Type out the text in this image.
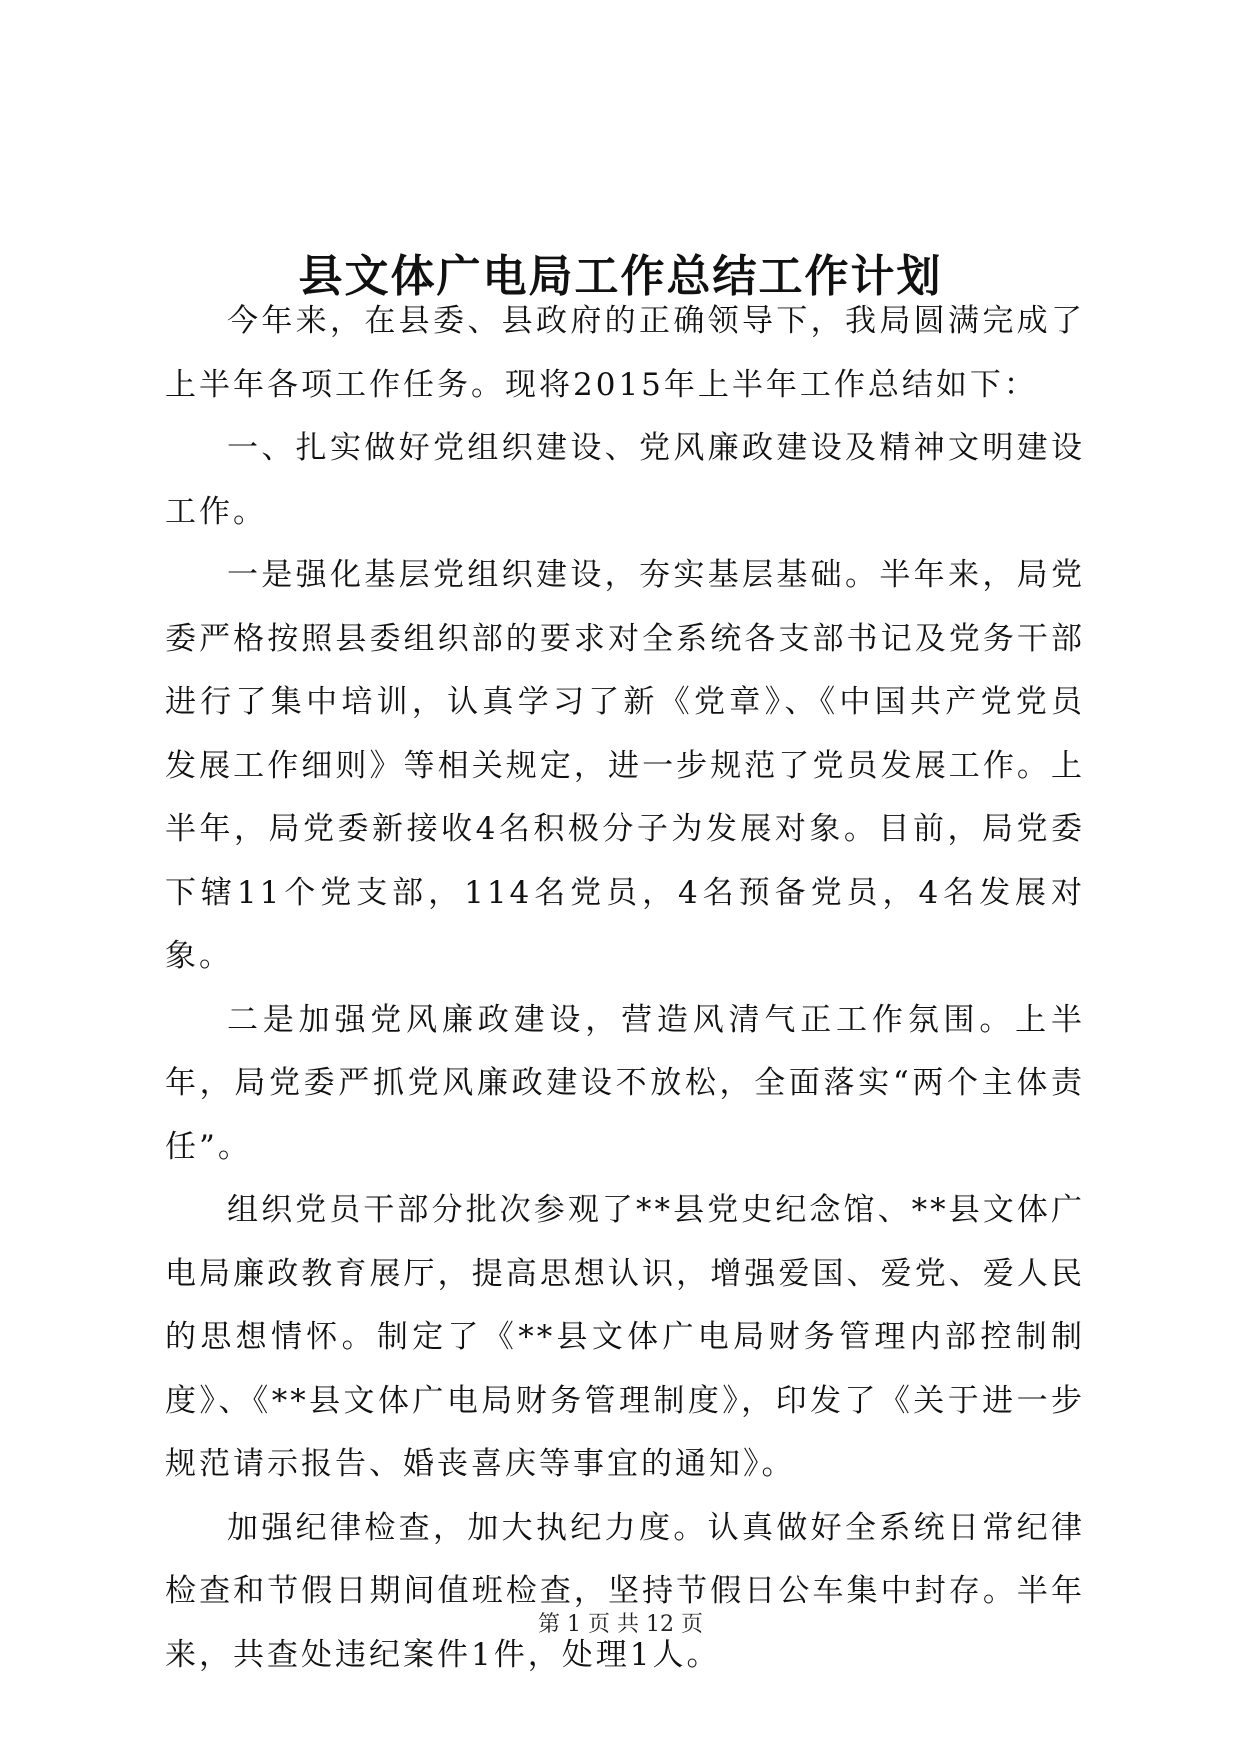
县文体广电局工作总结工作计划

今年来，在县委、县政府的正确领导下，我局圆满完成了上半年各项工作任务。现将2015年上半年工作总结如下：

一、扎实做好党组织建设、党风廉政建设及精神文明建设工作。

一是强化基层党组织建设，夯实基层基础。半年来，局党委严格按照县委组织部的要求对全系统各支部书记及党务干部进行了集中培训，认真学习了新《党章》、《中国共产党党员发展工作细则》等相关规定，进一步规范了党员发展工作。上半年，局党委新接收4名积极分子为发展对象。目前，局党委下辖11个党支部，114名党员，4名预备党员，4名发展对象。

二是加强党风廉政建设，营造风清气正工作氛围。上半年，局党委严抓党风廉政建设不放松，全面落实“两个主体责任”。

组织党员干部分批次参观了**县党史纪念馆、**县文体广电局廉政教育展厅，提高思想认识，增强爱国、爱党、爱人民的思想情怀。制定了《**县文体广电局财务管理内部控制制度》、《**县文体广电局财务管理制度》，印发了《关于进一步规范请示报告、婚丧喜庆等事宜的通知》。

加强纪律检查，加大执纪力度。认真做好全系统日常纪律检查和节假日期间值班检查，坚持节假日公车集中封存。半年来，共查处违纪案件1件，处理1人。

第 1 页 共 12 页
